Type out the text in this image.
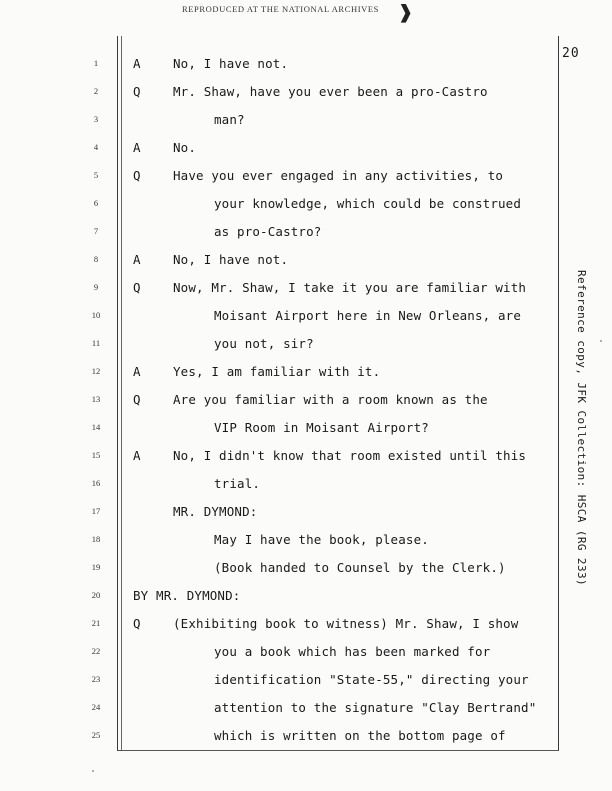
REPRODUCED AT THE NATIONAL ARCHIVES ❱
20
1	A	No, I have not.
2	Q	Mr. Shaw, have you ever been a pro-Castro
3	man?
4	A	No.
5	Q	Have you ever engaged in any activities, to
6	your knowledge, which could be construed
7	as pro-Castro?
8	A	No, I have not.
9	Q	Now, Mr. Shaw, I take it you are familiar with
10	Moisant Airport here in New Orleans, are
11	you not, sir?
12	A	Yes, I am familiar with it.
13	Q	Are you familiar with a room known as the
14	VIP Room in Moisant Airport?
15	A	No, I didn't know that room existed until this
16	trial.
17	MR. DYMOND:
18	May I have the book, please.
19	(Book handed to Counsel by the Clerk.)
20	BY MR. DYMOND:
21	Q	(Exhibiting book to witness) Mr. Shaw, I show
22	you a book which has been marked for
23	identification "State-55," directing your
24	attention to the signature "Clay Bertrand"
25	which is written on the bottom page of
Reference copy, JFK Collection: HSCA (RG 233)
